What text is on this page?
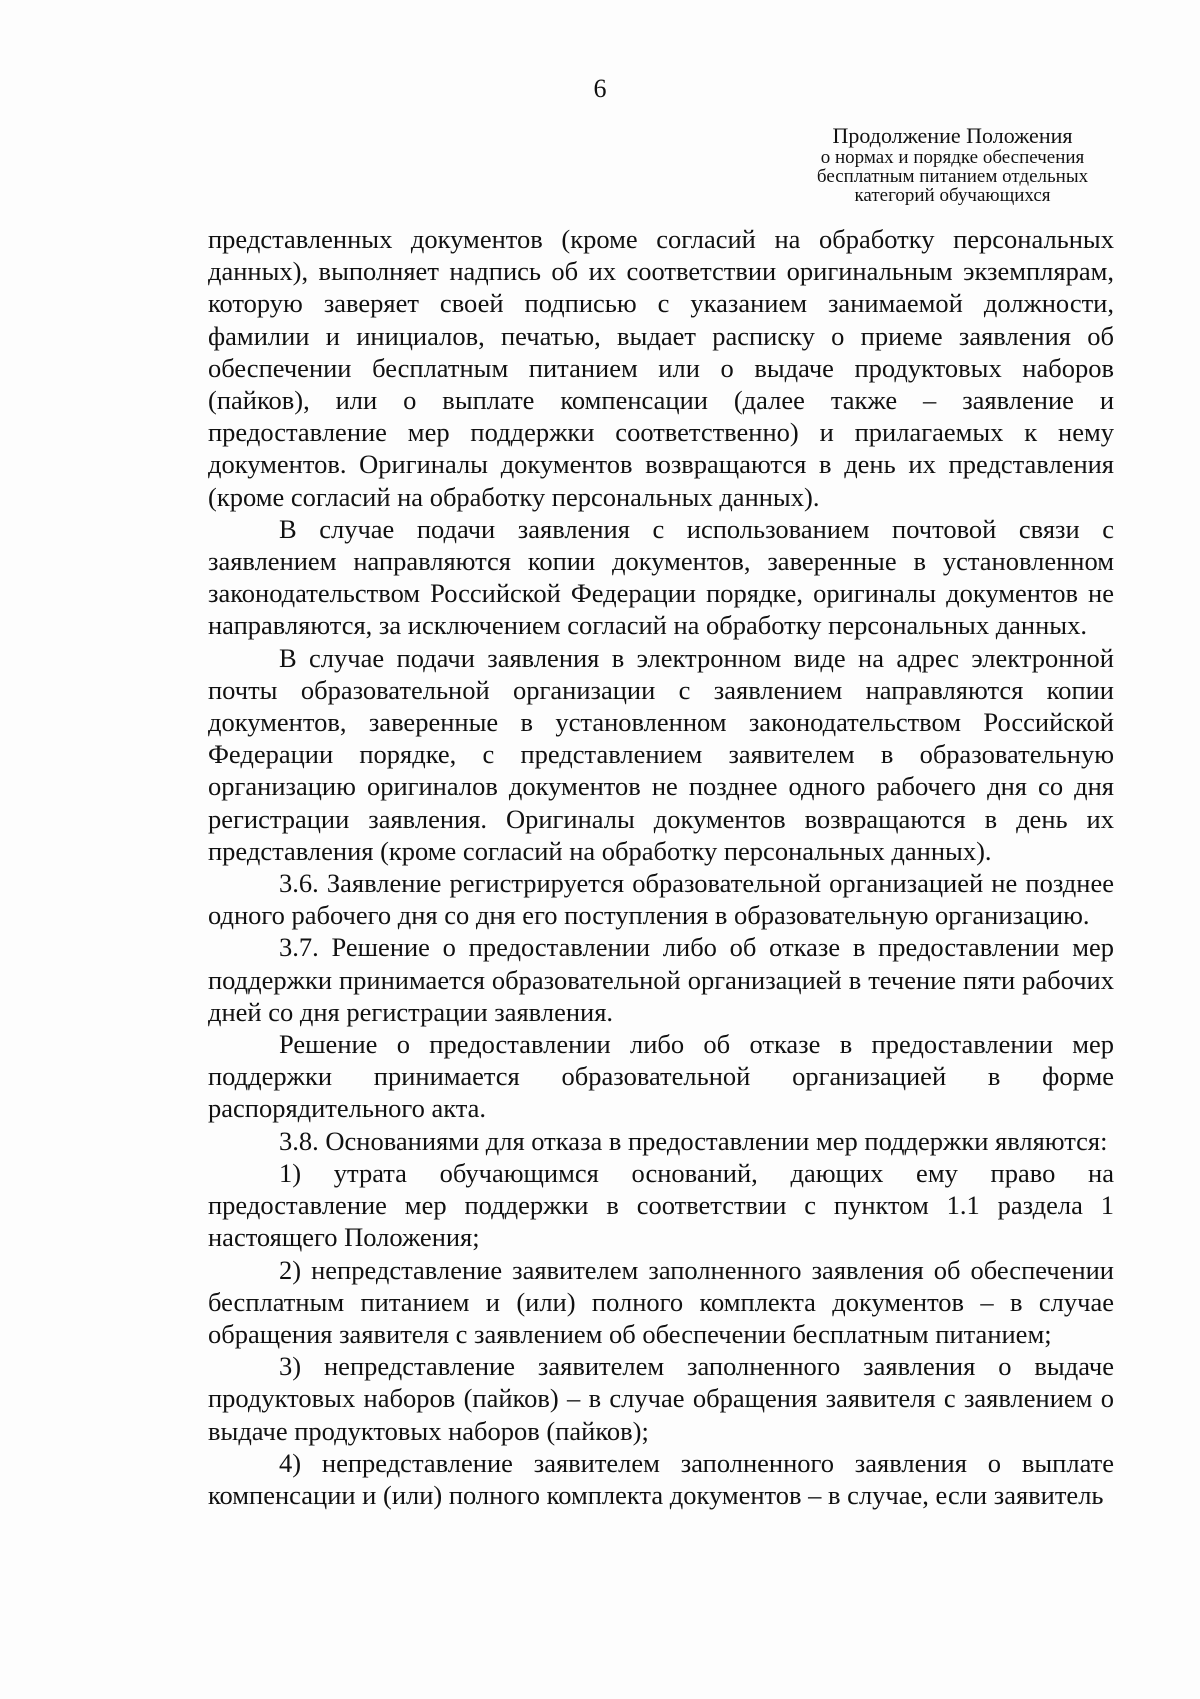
6
Продолжение Положения
о нормах и порядке обеспечения
бесплатным питанием отдельных
категорий обучающихся

представленных документов (кроме согласий на обработку персональных данных), выполняет надпись об их соответствии оригинальным экземплярам, которую заверяет своей подписью с указанием занимаемой должности, фамилии и инициалов, печатью, выдает расписку о приеме заявления об обеспечении бесплатным питанием или о выдаче продуктовых наборов (пайков), или о выплате компенсации (далее также – заявление и предоставление мер поддержки соответственно) и прилагаемых к нему документов. Оригиналы документов возвращаются в день их представления (кроме согласий на обработку персональных данных).

В случае подачи заявления с использованием почтовой связи с заявлением направляются копии документов, заверенные в установленном законодательством Российской Федерации порядке, оригиналы документов не направляются, за исключением согласий на обработку персональных данных.

В случае подачи заявления в электронном виде на адрес электронной почты образовательной организации с заявлением направляются копии документов, заверенные в установленном законодательством Российской Федерации порядке, с представлением заявителем в образовательную организацию оригиналов документов не позднее одного рабочего дня со дня регистрации заявления. Оригиналы документов возвращаются в день их представления (кроме согласий на обработку персональных данных).

3.6. Заявление регистрируется образовательной организацией не позднее одного рабочего дня со дня его поступления в образовательную организацию.

3.7. Решение о предоставлении либо об отказе в предоставлении мер поддержки принимается образовательной организацией в течение пяти рабочих дней со дня регистрации заявления.

Решение о предоставлении либо об отказе в предоставлении мер поддержки принимается образовательной организацией в форме распорядительного акта.

3.8. Основаниями для отказа в предоставлении мер поддержки являются:

1) утрата обучающимся оснований, дающих ему право на предоставление мер поддержки в соответствии с пунктом 1.1 раздела 1 настоящего Положения;

2) непредставление заявителем заполненного заявления об обеспечении бесплатным питанием и (или) полного комплекта документов – в случае обращения заявителя с заявлением об обеспечении бесплатным питанием;

3) непредставление заявителем заполненного заявления о выдаче продуктовых наборов (пайков) – в случае обращения заявителя с заявлением о выдаче продуктовых наборов (пайков);

4) непредставление заявителем заполненного заявления о выплате компенсации и (или) полного комплекта документов – в случае, если заявитель
